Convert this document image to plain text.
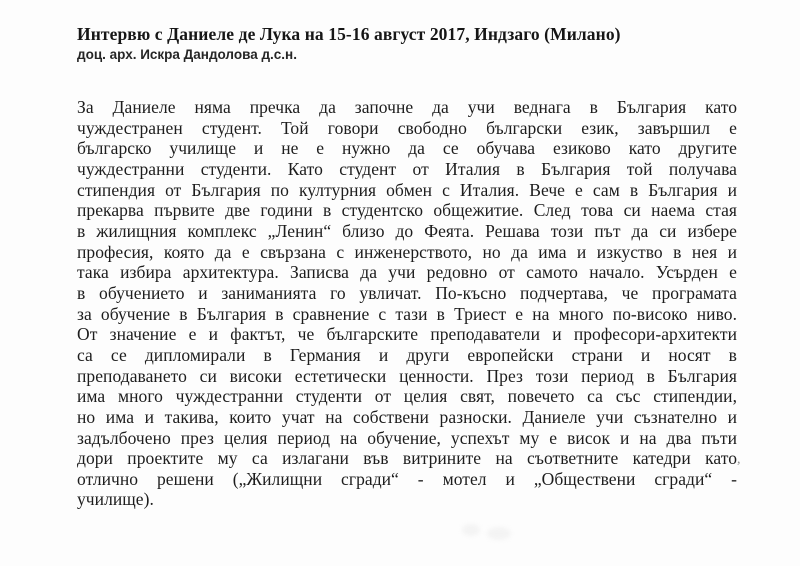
Интервю с Даниеле де Лука на 15-16 август 2017, Индзаго (Милано)
доц. арх. Искра Дандолова д.с.н.
За Даниеле няма пречка да започне да учи веднага в България като
чуждестранен студент. Той говори свободно български език, завършил е
българско училище и не е нужно да се обучава езиково като другите
чуждестранни студенти. Като студент от Италия в България той получава
стипендия от България по културния обмен с Италия. Вече е сам в България и
прекарва първите две години в студентско общежитие. След това си наема стая
в жилищния комплекс „Ленин“ близо до Феята. Решава този път да си избере
професия, която да е свързана с инженерството, но да има и изкуство в нея и
така избира архитектура. Записва да учи редовно от самото начало. Усърден е
в обучението и заниманията го увличат. По-късно подчертава, че програмата
за обучение в България в сравнение с тази в Триест е на много по-високо ниво.
От значение е и фактът, че българските преподаватели и професори-архитекти
са се дипломирали в Германия и други европейски страни и носят в
преподаването си високи естетически ценности. През този период в България
има много чуждестранни студенти от целия свят, повечето са със стипендии,
но има и такива, които учат на собствени разноски. Даниеле учи съзнателно и
задълбочено през целия период на обучение, успехът му е висок и на два пъти
дори проектите му са излагани във витрините на съответните катедри като
отлично решени („Жилищни сгради“ - мотел и „Обществени сгради“ -
училище).
,
